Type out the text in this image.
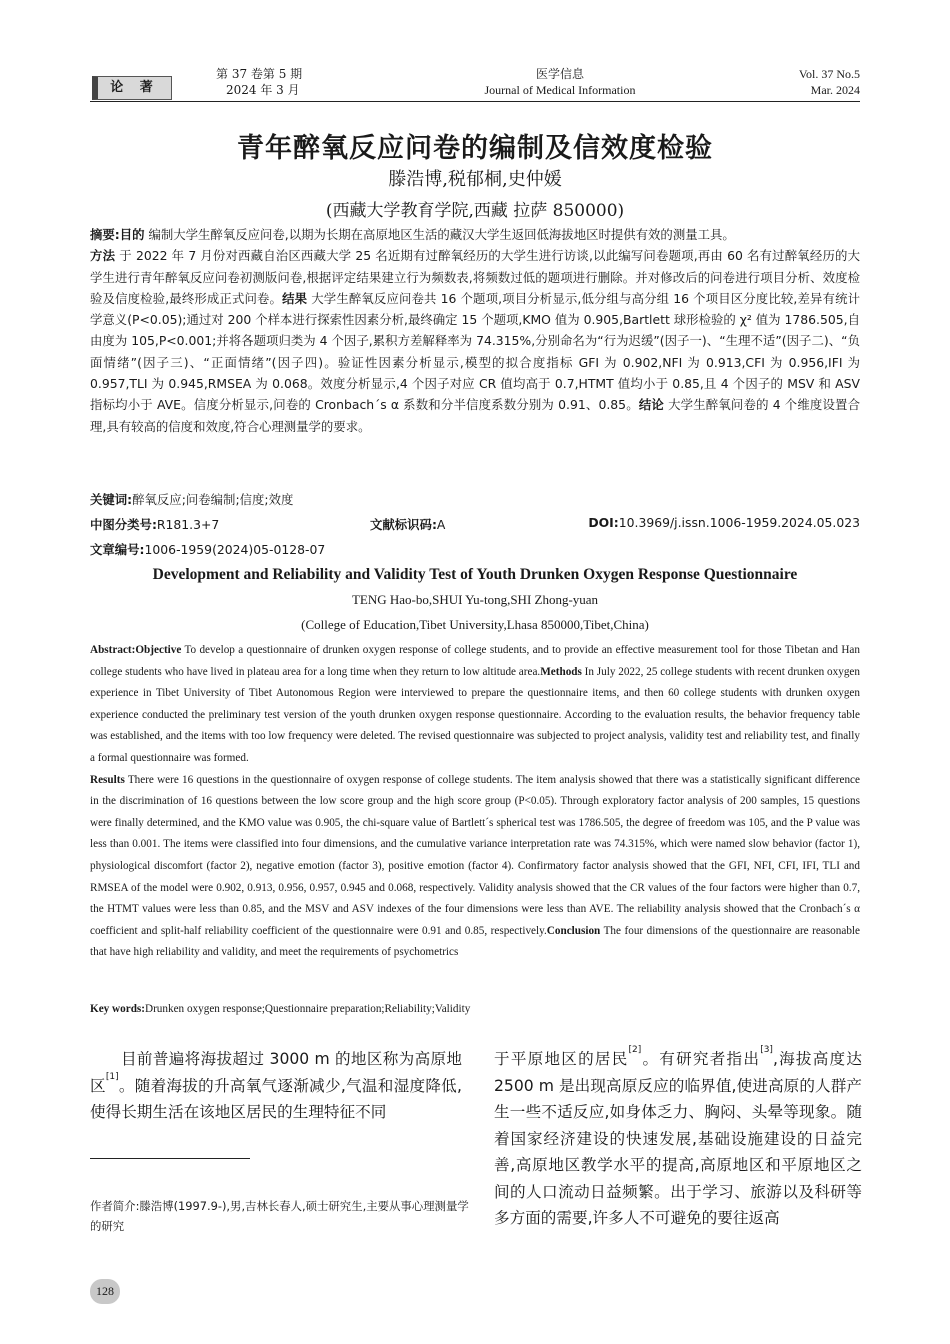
论 著
第 37 卷第 5 期
2024 年 3 月
医学信息
Journal of Medical Information
Vol. 37 No.5
Mar. 2024
青年醉氧反应问卷的编制及信效度检验
滕浩博,税郁桐,史仲媛
(西藏大学教育学院,西藏 拉萨 850000)
摘要:目的 编制大学生醉氧反应问卷,以期为长期在高原地区生活的藏汉大学生返回低海拔地区时提供有效的测量工具。
方法 于 2022 年 7 月份对西藏自治区西藏大学 25 名近期有过醉氧经历的大学生进行访谈,以此编写问卷题项,再由 60 名有过醉氧经历的大学生进行青年醉氧反应问卷初测版问卷,根据评定结果建立行为频数表,将频数过低的题项进行删除。并对修改后的问卷进行项目分析、效度检验及信度检验,最终形成正式问卷。结果 大学生醉氧反应问卷共 16 个题项,项目分析显示,低分组与高分组 16 个项目区分度比较,差异有统计学意义(P<0.05);通过对 200 个样本进行探索性因素分析,最终确定 15 个题项,KMO 值为 0.905,Bartlett 球形检验的 χ² 值为 1786.505,自由度为 105,P<0.001;并将各题项归类为 4 个因子,累积方差解释率为 74.315%,分别命名为“行为迟缓”(因子一)、“生理不适”(因子二)、“负面情绪”(因子三)、“正面情绪”(因子四)。验证性因素分析显示,模型的拟合度指标 GFI 为 0.902,NFI 为 0.913,CFI 为 0.956,IFI 为 0.957,TLI 为 0.945,RMSEA 为 0.068。效度分析显示,4 个因子对应 CR 值均高于 0.7,HTMT 值均小于 0.85,且 4 个因子的 MSV 和 ASV 指标均小于 AVE。信度分析显示,问卷的 Cronbach´s α 系数和分半信度系数分别为 0.91、0.85。结论 大学生醉氧问卷的 4 个维度设置合理,具有较高的信度和效度,符合心理测量学的要求。
关键词:醉氧反应;问卷编制;信度;效度
中图分类号:R181.3+7	文献标识码:A	DOI:10.3969/j.issn.1006-1959.2024.05.023
文章编号:1006-1959(2024)05-0128-07
Development and Reliability and Validity Test of Youth Drunken Oxygen Response Questionnaire
TENG Hao-bo,SHUI Yu-tong,SHI Zhong-yuan
(College of Education,Tibet University,Lhasa 850000,Tibet,China)
Abstract:Objective To develop a questionnaire of drunken oxygen response of college students, and to provide an effective measurement tool for those Tibetan and Han college students who have lived in plateau area for a long time when they return to low altitude area.Methods In July 2022, 25 college students with recent drunken oxygen experience in Tibet University of Tibet Autonomous Region were interviewed to prepare the questionnaire items, and then 60 college students with drunken oxygen experience conducted the preliminary test version of the youth drunken oxygen response questionnaire. According to the evaluation results, the behavior frequency table was established, and the items with too low frequency were deleted. The revised questionnaire was subjected to project analysis, validity test and reliability test, and finally a formal questionnaire was formed.
Results There were 16 questions in the questionnaire of oxygen response of college students. The item analysis showed that there was a statistically significant difference in the discrimination of 16 questions between the low score group and the high score group (P<0.05). Through exploratory factor analysis of 200 samples, 15 questions were finally determined, and the KMO value was 0.905, the chi-square value of Bartlett´s spherical test was 1786.505, the degree of freedom was 105, and the P value was less than 0.001. The items were classified into four dimensions, and the cumulative variance interpretation rate was 74.315%, which were named slow behavior (factor 1), physiological discomfort (factor 2), negative emotion (factor 3), positive emotion (factor 4). Confirmatory factor analysis showed that the GFI, NFI, CFI, IFI, TLI and RMSEA of the model were 0.902, 0.913, 0.956, 0.957, 0.945 and 0.068, respectively. Validity analysis showed that the CR values of the four factors were higher than 0.7, the HTMT values were less than 0.85, and the MSV and ASV indexes of the four dimensions were less than AVE. The reliability analysis showed that the Cronbach´s α coefficient and split-half reliability coefficient of the questionnaire were 0.91 and 0.85, respectively.Conclusion The four dimensions of the questionnaire are reasonable that have high reliability and validity, and meet the requirements of psychometrics
Key words:Drunken oxygen response;Questionnaire preparation;Reliability;Validity
目前普遍将海拔超过 3000 m 的地区称为高原地区[1]。随着海拔的升高氧气逐渐减少,气温和湿度降低,使得长期生活在该地区居民的生理特征不同
于平原地区的居民[2]。有研究者指出[3],海拔高度达 2500 m 是出现高原反应的临界值,使进高原的人群产生一些不适反应,如身体乏力、胸闷、头晕等现象。随着国家经济建设的快速发展,基础设施建设的日益完善,高原地区教学水平的提高,高原地区和平原地区之间的人口流动日益频繁。出于学习、旅游以及科研等多方面的需要,许多人不可避免的要往返高
作者简介:滕浩博(1997.9-),男,吉林长春人,硕士研究生,主要从事心理测量学的研究
128
